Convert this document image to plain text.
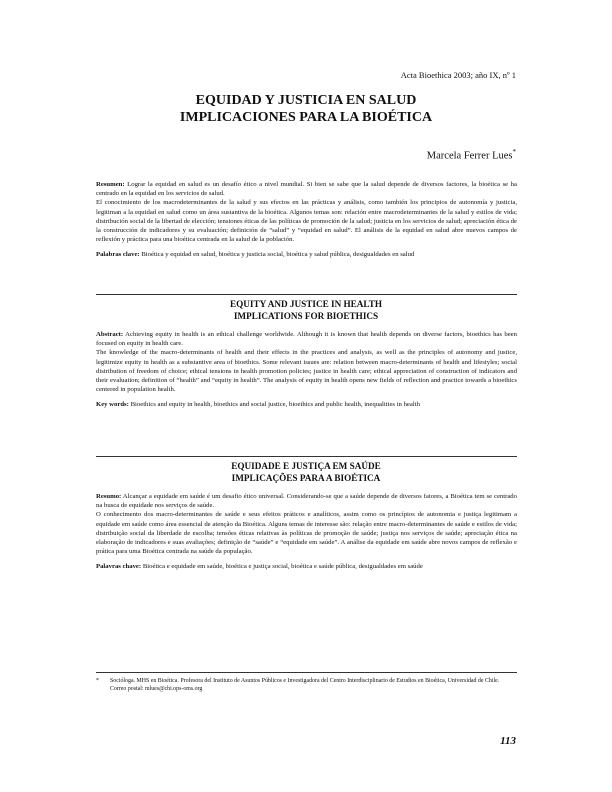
Acta Bioethica 2003; año IX, nº 1
EQUIDAD Y JUSTICIA EN SALUD
IMPLICACIONES PARA LA BIOÉTICA
Marcela Ferrer Lues*

Resumen: Lograr la equidad en salud es un desafío ético a nivel mundial. Si bien se sabe que la salud depende de diversos factores, la bioética se ha centrado en la equidad en los servicios de salud.

El conocimiento de los macrodeterminantes de la salud y sus efectos en las prácticas y análisis, como también los principios de autonomía y justicia, legitiman a la equidad en salud como un área sustantiva de la bioética. Algunos temas son: relación entre macrodeterminantes de la salud y estilos de vida; distribución social de la libertad de elección; tensiones éticas de las políticas de promoción de la salud; justicia en los servicios de salud; apreciación ética de la construcción de indicadores y su evaluación; definición de “salud” y “equidad en salud”. El análisis de la equidad en salud abre nuevos campos de reflexión y práctica para una bioética centrada en la salud de la población.

Palabras clave: Bioética y equidad en salud, bioética y justicia social, bioética y salud pública, desigualdades en salud

EQUITY AND JUSTICE IN HEALTH
IMPLICATIONS FOR BIOETHICS

Abstract: Achieving equity in health is an ethical challenge worldwide. Although it is known that health depends on diverse factors, bioethics has been focused on equity in health care.

The knowledge of the macro-determinants of health and their effects in the practices and analysis, as well as the principles of autonomy and justice, legitimize equity in health as a substantive area of bioethics. Some relevant issues are: relation between macro-determinants of health and lifestyles; social distribution of freedom of choice; ethical tensions in health promotion policies; justice in health care; ethical appreciation of construction of indicators and their evaluation; definition of “health” and “equity in health”. The analysis of equity in health opens new fields of reflection and practice towards a bioethics centered in population health.

Key words: Bioethics and equity in health, bioethics and social justice, bioethics and public health, inequalities in health

EQUIDADE E JUSTIÇA EM SAÚDE
IMPLICAÇÕES PARA A BIOÉTICA

Resumo: Alcançar a equidade em saúde é um desafio ético universal. Considerando-se que a saúde depende de diversos fatores, a Bioética tem se centrado na busca de equidade nos serviços de saúde.

O conhecimento dos macro-determinantes de saúde e seus efeitos práticos e analíticos, assim como os princípios de autonomia e justiça legitimam a equidade em saúde como área essencial de atenção da Bioética. Alguns temas de interesse são: relação entre macro-determinantes de saúde e estilos de vida; distribuição social da liberdade de escolha; tensões éticas relativas às políticas de promoção de saúde; justiça nos serviços de saúde; apreciação ética na elaboração de indicadores e suas avaliações; definição de “saúde” e “equidade em saúde”. A análise da equidade em saúde abre novos campos de reflexão e prática para uma Bioética centrada na saúde da população.

Palavras chave: Bioética e equidade em saúde, bioética e justiça social, bioética e saúde pública, desigualdades em saúde

* Socióloga. MHS en Bioética. Profesora del Instituto de Asuntos Públicos e Investigadora del Centro Interdisciplinario de Estudios en Bioética, Universidad de Chile.

Correo postal: mlues@chi.ops-oms.org

113
